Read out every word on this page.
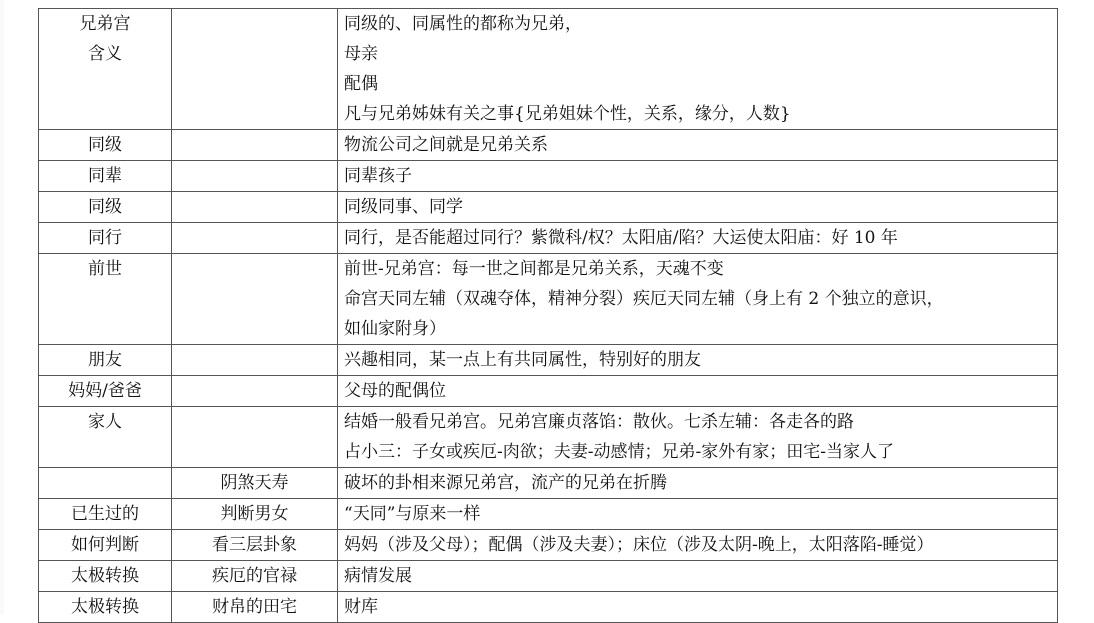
兄弟宫
含义		同级的、同属性的都称为兄弟，
母亲
配偶
凡与兄弟姊妹有关之事{兄弟姐妹个性，关系，缘分，人数}

同级		物流公司之间就是兄弟关系

同辈		同辈孩子

同级		同级同事、同学

同行		同行，是否能超过同行？紫微科/权？太阳庙/陷？大运使太阳庙：好 10 年

前世		前世-兄弟宫：每一世之间都是兄弟关系，天魂不变
命宫天同左辅（双魂夺体，精神分裂）疾厄天同左辅（身上有 2 个独立的意识，
如仙家附身）

朋友		兴趣相同，某一点上有共同属性，特别好的朋友

妈妈/爸爸		父母的配偶位

家人		结婚一般看兄弟宫。兄弟宫廉贞落馅：散伙。七杀左辅：各走各的路
占小三：子女或疾厄-肉欲；夫妻-动感情；兄弟-家外有家；田宅-当家人了

	阴煞天寿	破坏的卦相来源兄弟宫，流产的兄弟在折腾

已生过的	判断男女	“天同”与原来一样

如何判断	看三层卦象	妈妈（涉及父母）；配偶（涉及夫妻）；床位（涉及太阴-晚上，太阳落陷-睡觉）

太极转换	疾厄的官禄	病情发展

太极转换	财帛的田宅	财库
